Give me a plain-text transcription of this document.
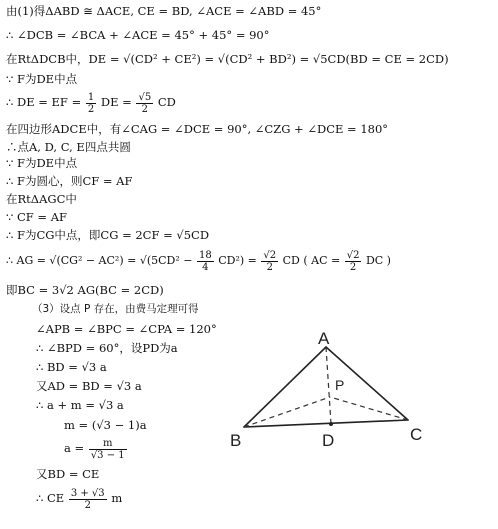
由(1)得ΔABD ≅ ΔACE, CE = BD, ∠ACE = ∠ABD = 45°
∴ ∠DCB = ∠BCA + ∠ACE = 45° + 45° = 90°
在RtΔDCB中，DE = √(CD² + CE²) = √(CD² + BD²) = √5CD(BD = CE = 2CD)
∵ F为DE中点
∴ DE = EF = $\frac{1}{2}$ DE = $\frac{√5}{2}$ CD
在四边形ADCE中，有∠CAG = ∠DCE = 90°, ∠CZG + ∠DCE = 180°
∴点A, D, C, E四点共圆
∵ F为DE中点
∴ F为圆心，则CF = AF
在RtΔAGC中
∵ CF = AF
∴ F为CG中点，即CG = 2CF = √5CD
∴ AG = $√(CG^2 - AC^2) = √(5CD^2 - \frac{18}{4} CD^2) = \frac{√2}{2}$ CD ( AC = $\frac{√2}{2}$ DC )
即BC = 3√2 AG(BC = 2CD)
（3）设点 P 存在，由费马定理可得
∠APB = ∠BPC = ∠CPA = 120°
∴ ∠BPD = 60°，设PD为a
∴ BD = √3 a
又AD = BD = √3 a
∴ a + m = √3 a
m = (√3 − 1)a
$a = \frac{m}{√3 - 1}$
又BD = CE
∴ CE $\frac{3 + √3}{2}$ m
A
B	C
D
P
